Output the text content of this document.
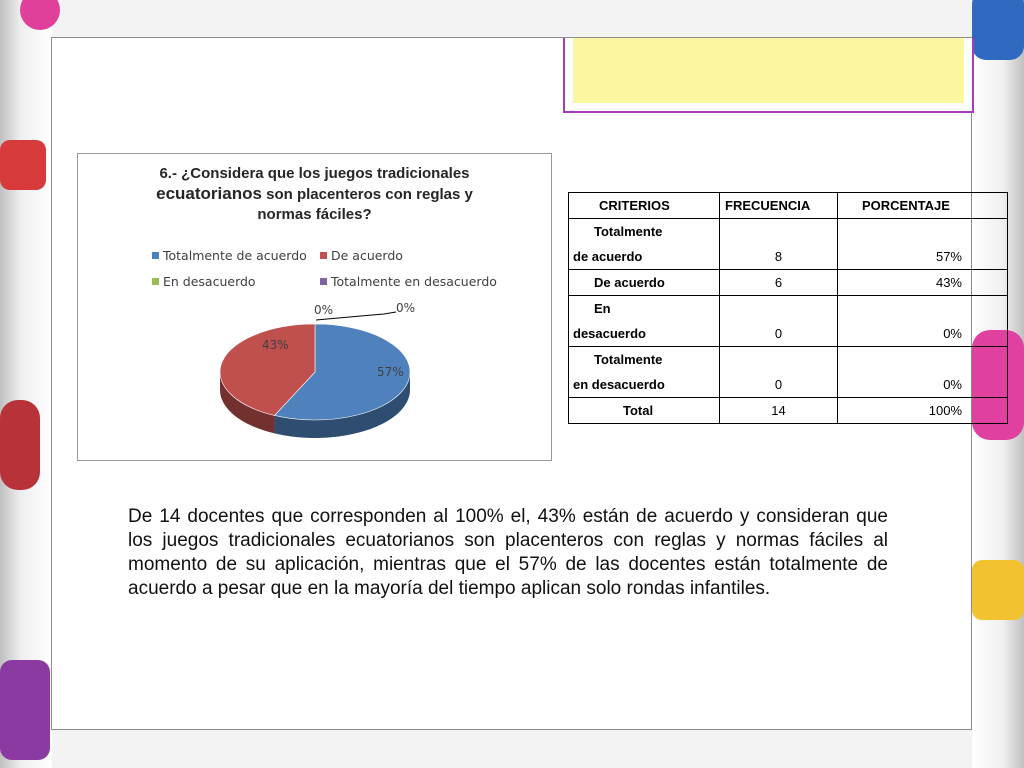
6.- ¿Considera que los juegos tradicionales
ecuatorianos son placenteros con reglas y
normas fáciles?
Totalmente de acuerdo	De acuerdo
En desacuerdo	Totalmente en desacuerdo
57%
43%
0%	0%
CRITERIOS	FRECUENCIA	PORCENTAJE

Totalmente
de acuerdo	8	57%
De acuerdo	6	43%

En
desacuerdo	0	0%

Totalmente
en desacuerdo	0	0%
Total	14	100%
De 14 docentes que corresponden al 100% el, 43% están de acuerdo y consideran que los juegos tradicionales ecuatorianos son placenteros con reglas y normas fáciles al momento de su aplicación, mientras que el 57% de las docentes están totalmente de acuerdo a pesar que en la mayoría del tiempo aplican solo rondas infantiles.
